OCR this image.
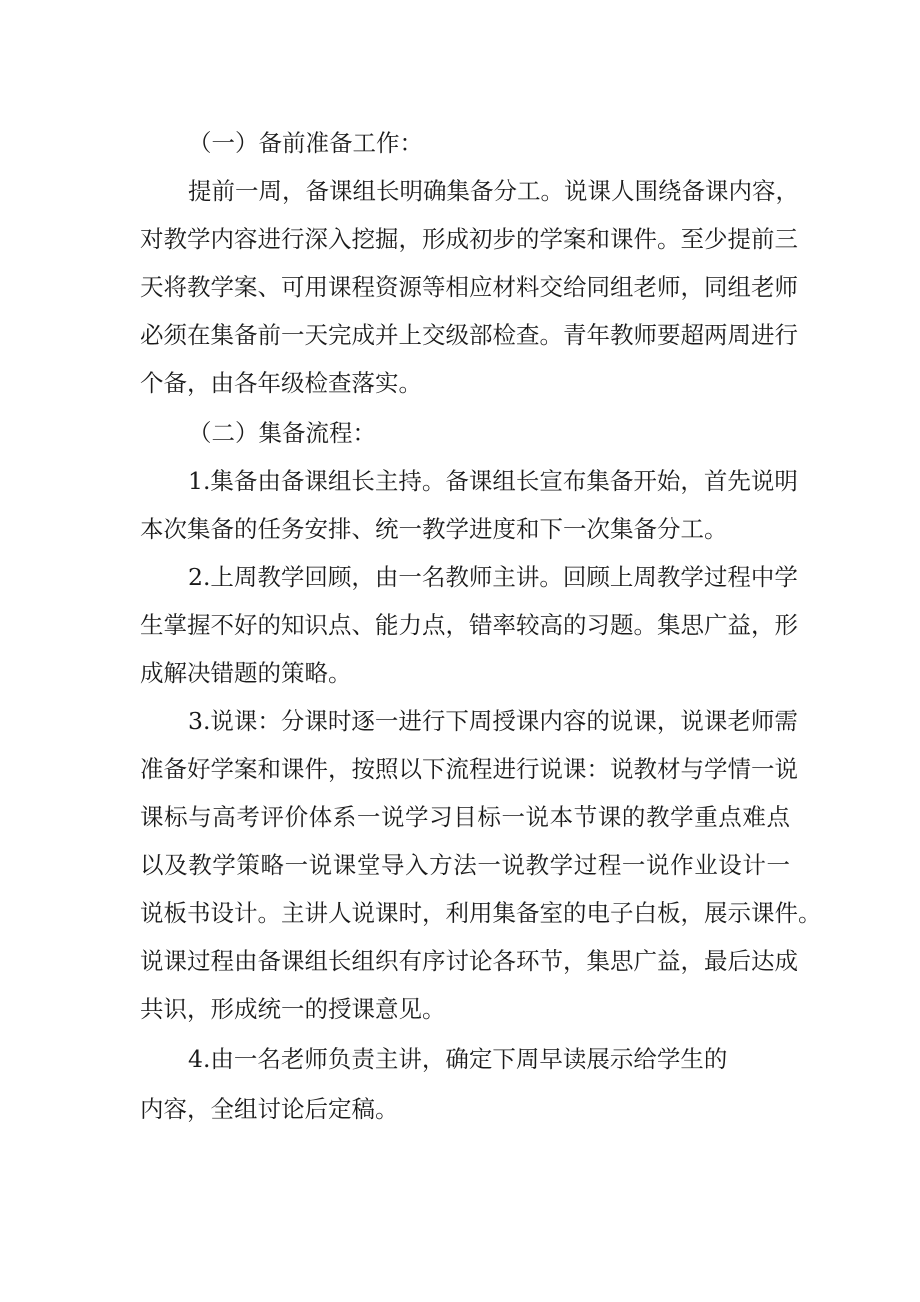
（一）备前准备工作：
提前一周，备课组长明确集备分工。说课人围绕备课内容，
对教学内容进行深入挖掘，形成初步的学案和课件。至少提前三
天将教学案、可用课程资源等相应材料交给同组老师，同组老师
必须在集备前一天完成并上交级部检查。青年教师要超两周进行
个备，由各年级检查落实。
（二）集备流程：
1.集备由备课组长主持。备课组长宣布集备开始，首先说明
本次集备的任务安排、统一教学进度和下一次集备分工。
2.上周教学回顾，由一名教师主讲。回顾上周教学过程中学
生掌握不好的知识点、能力点，错率较高的习题。集思广益，形
成解决错题的策略。
3.说课：分课时逐一进行下周授课内容的说课，说课老师需
准备好学案和课件，按照以下流程进行说课：说教材与学情一说
课标与高考评价体系一说学习目标一说本节课的教学重点难点
以及教学策略一说课堂导入方法一说教学过程一说作业设计一
说板书设计。主讲人说课时，利用集备室的电子白板，展示课件。
说课过程由备课组长组织有序讨论各环节，集思广益，最后达成
共识，形成统一的授课意见。
4.由一名老师负责主讲，确定下周早读展示给学生的
内容，全组讨论后定稿。
